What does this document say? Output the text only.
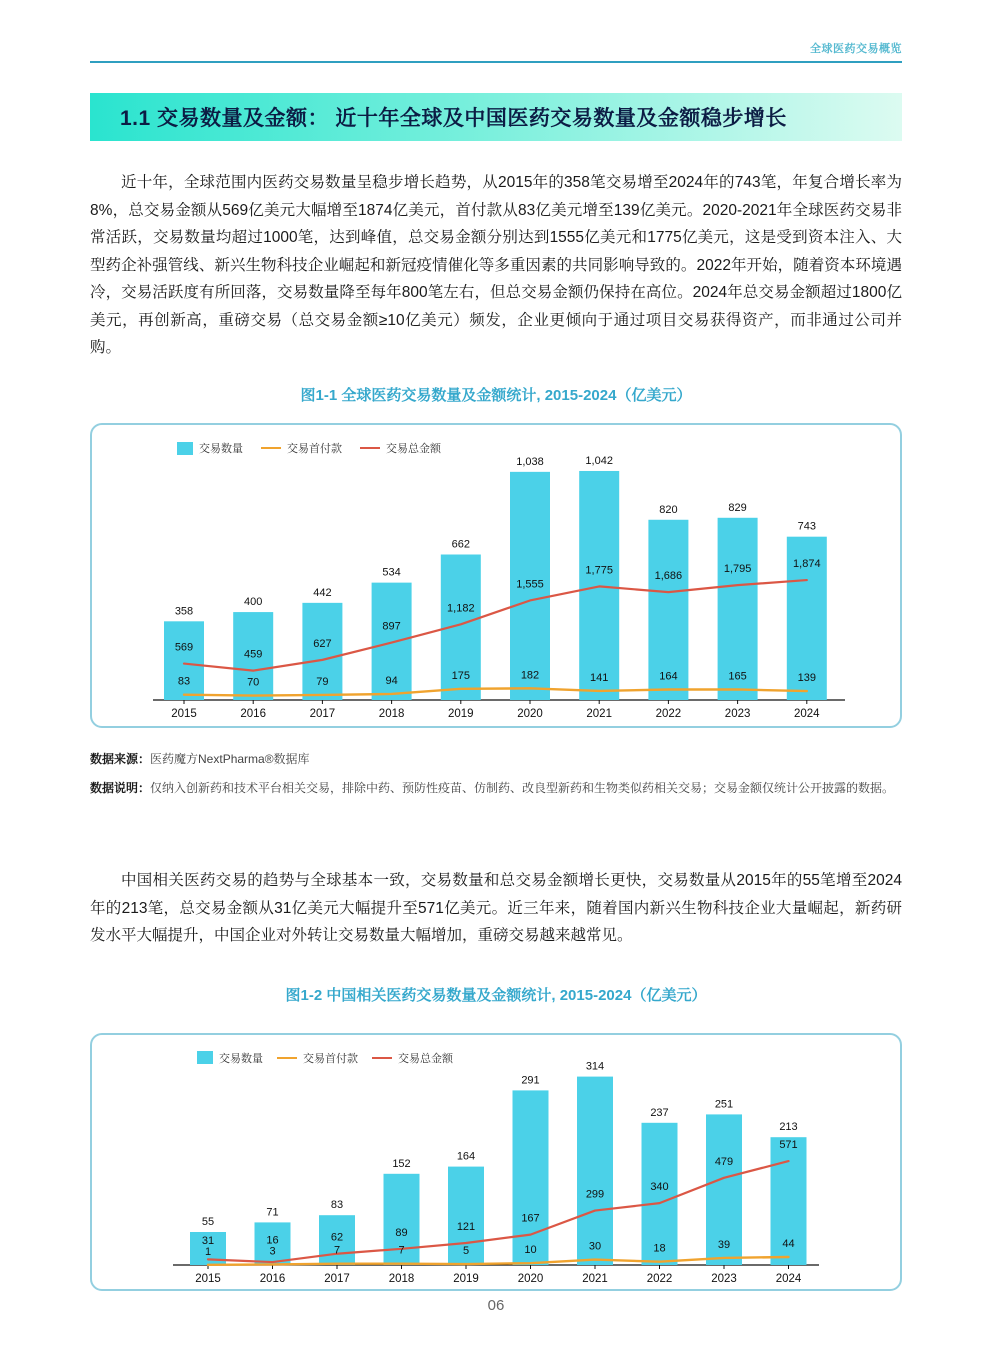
全球医药交易概览
1.1 交易数量及金额： 近十年全球及中国医药交易数量及金额稳步增长

近十年，全球范围内医药交易数量呈稳步增长趋势，从2015年的358笔交易增至2024年的743笔，年复合增长率为8%，总交易金额从569亿美元大幅增至1874亿美元，首付款从83亿美元增至139亿美元。2020-2021年全球医药交易非常活跃，交易数量均超过1000笔，达到峰值，总交易金额分别达到1555亿美元和1775亿美元，这是受到资本注入、大型药企补强管线、新兴生物科技企业崛起和新冠疫情催化等多重因素的共同影响导致的。2022年开始，随着资本环境遇冷，交易活跃度有所回落，交易数量降至每年800笔左右，但总交易金额仍保持在高位。2024年总交易金额超过1800亿美元，再创新高，重磅交易（总交易金额≥10亿美元）频发，企业更倾向于通过项目交易获得资产，而非通过公司并购。

图1-1 全球医药交易数量及金额统计, 2015-2024（亿美元）
交易数量	交易首付款	交易总金额
358
2015
400
2016
442
2017
534
2018
662
2019
1,038
2020
1,042
2021
820
2022
829
2023
743
2024
569
83
459
70
627
79
897
94
1,182
175
1,555
182
1,775
141
1,686
164
1,795
165
1,874
139
数据来源：医药魔方NextPharma®数据库
数据说明：仅纳入创新药和技术平台相关交易，排除中药、预防性疫苗、仿制药、改良型新药和生物类似药相关交易；交易金额仅统计公开披露的数据。

中国相关医药交易的趋势与全球基本一致，交易数量和总交易金额增长更快，交易数量从2015年的55笔增至2024年的213笔，总交易金额从31亿美元大幅提升至571亿美元。近三年来，随着国内新兴生物科技企业大量崛起，新药研发水平大幅提升，中国企业对外转让交易数量大幅增加，重磅交易越来越常见。

图1-2 中国相关医药交易数量及金额统计, 2015-2024（亿美元）
交易数量	交易首付款	交易总金额
55
2015
71
2016
83
2017
152
2018
164
2019
291
2020
314
2021
237
2022
251
2023
213
2024
31
1
16
3
62
7
89
7
121
5
167
10
299
30
340
18
479
39
571
44
06
